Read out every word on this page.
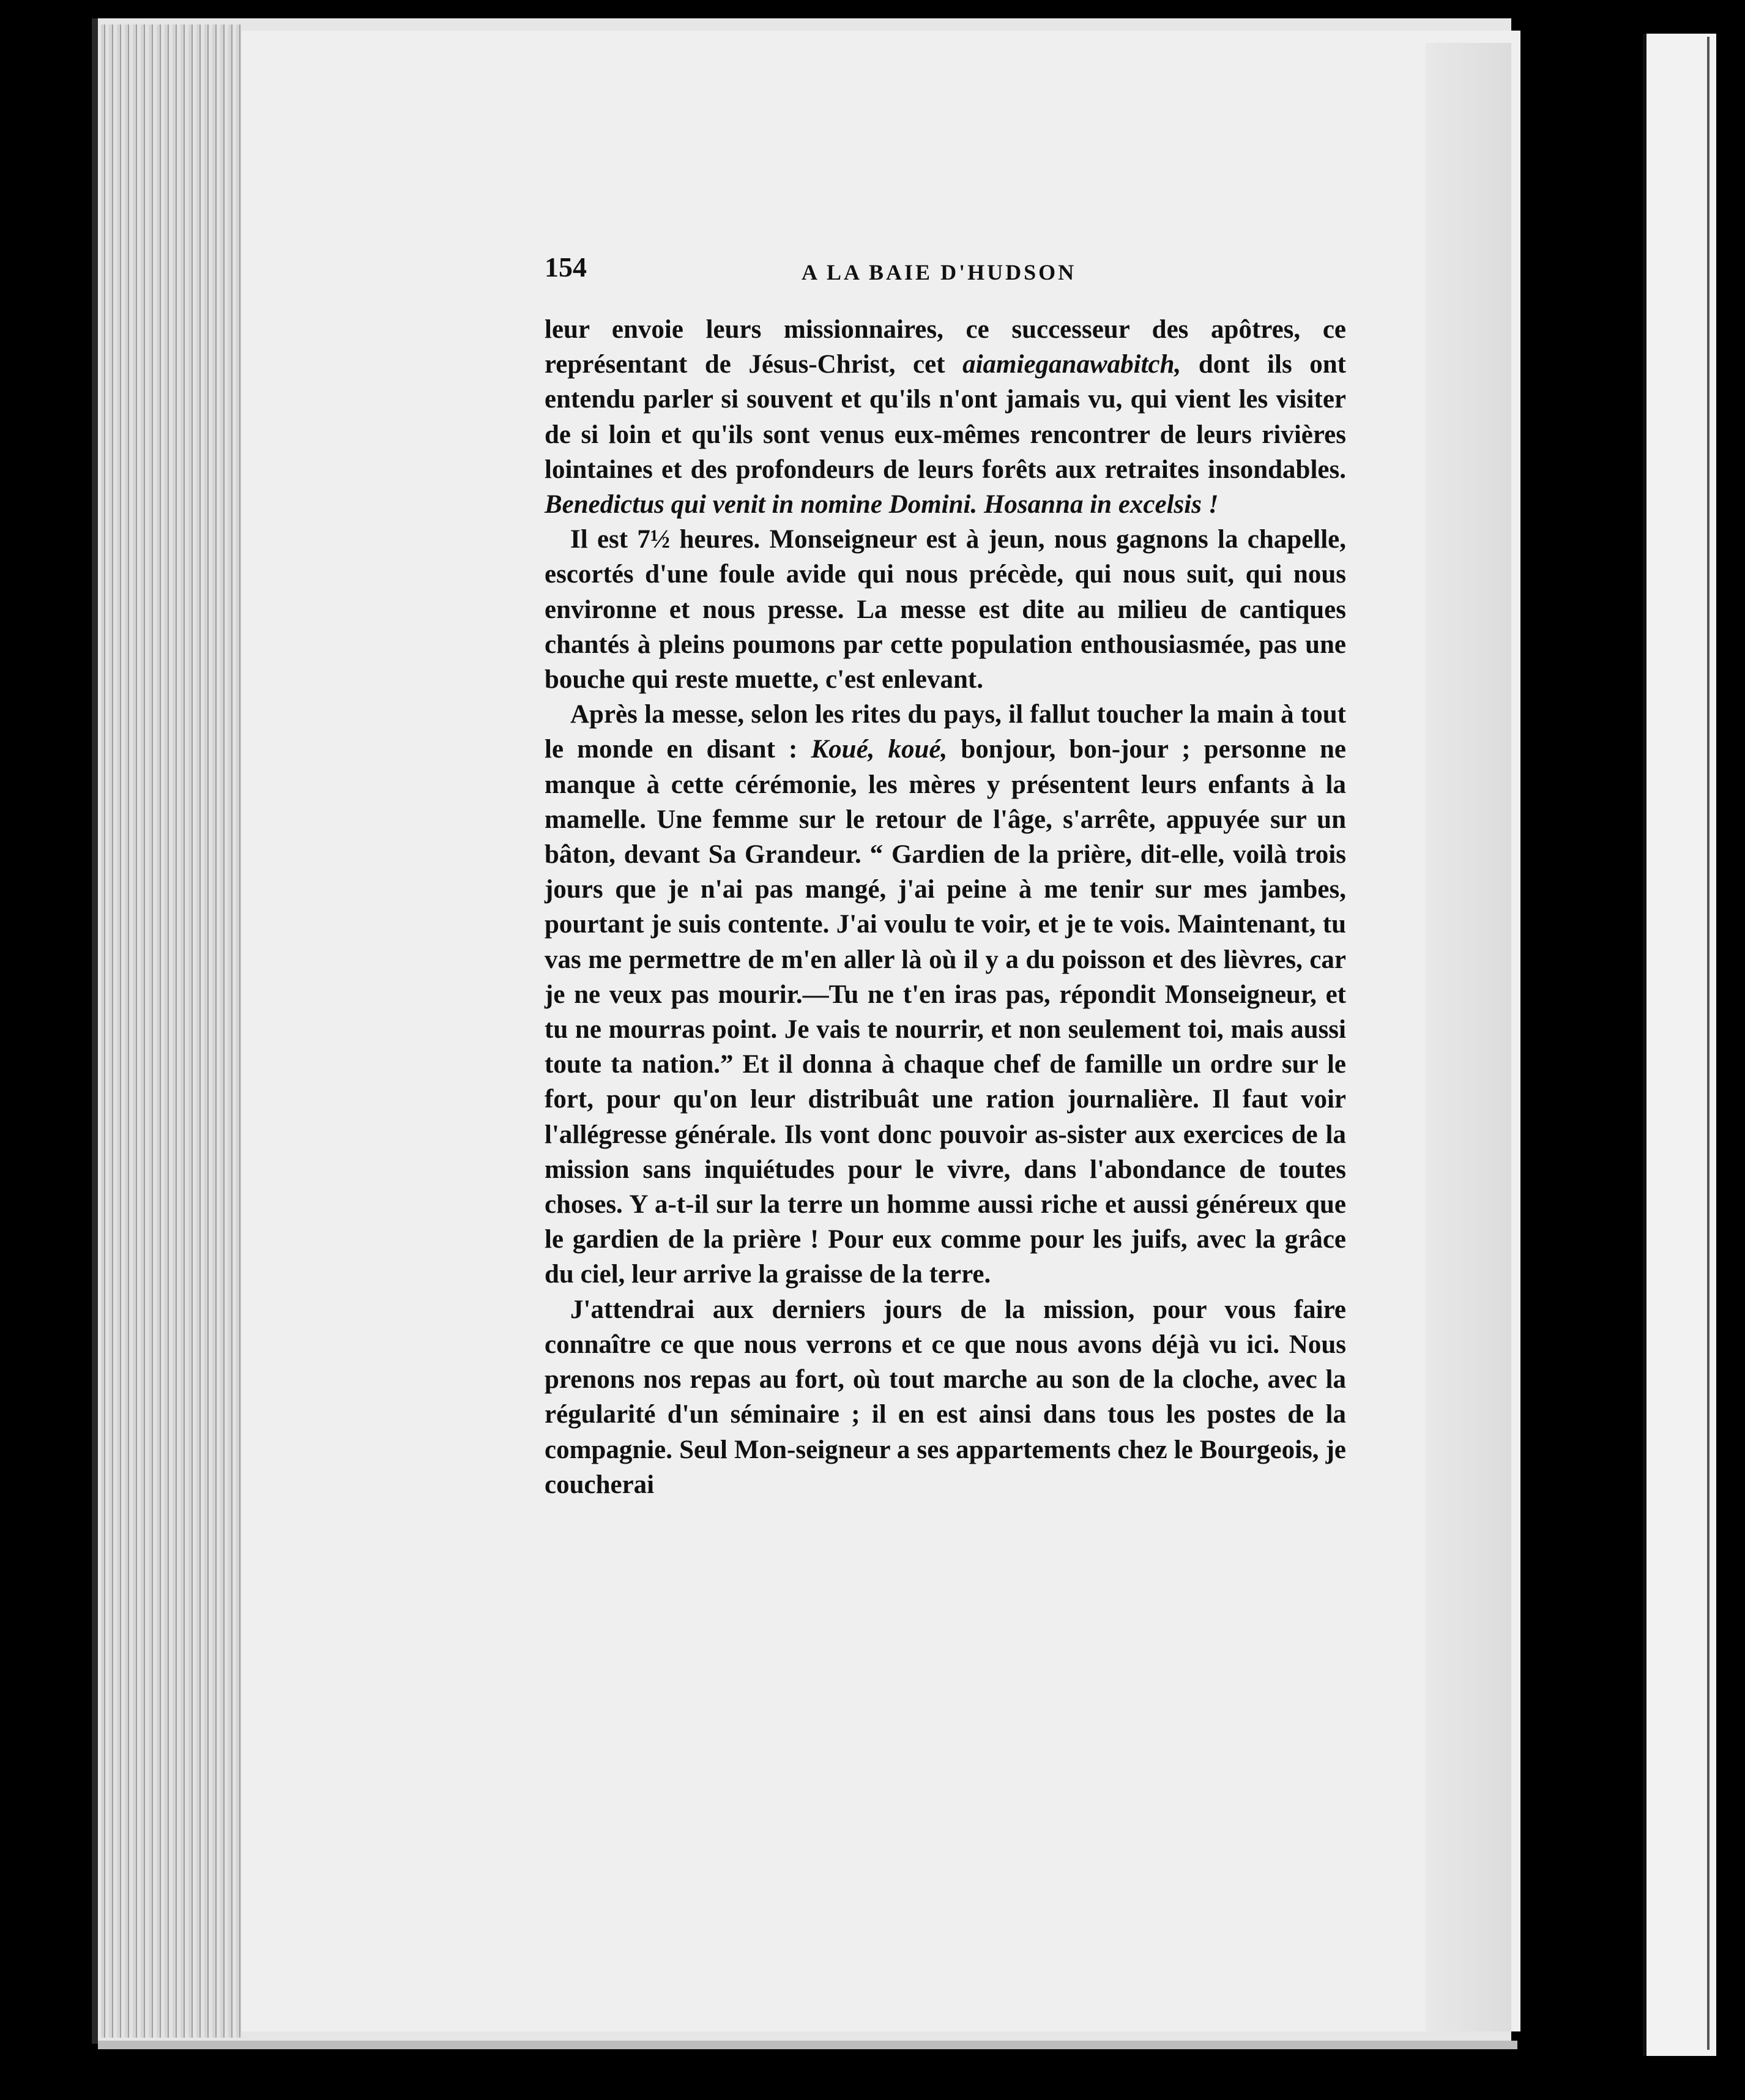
154	A LA BAIE D'HUDSON

leur envoie leurs missionnaires, ce successeur des apôtres, ce représentant de Jésus-Christ, cet aiamieganawabitch, dont ils ont entendu parler si souvent et qu'ils n'ont jamais vu, qui vient les visiter de si loin et qu'ils sont venus eux-mêmes rencontrer de leurs rivières lointaines et des profondeurs de leurs forêts aux retraites insondables. Benedictus qui venit in nomine Domini. Hosanna in excelsis !

Il est 7½ heures. Monseigneur est à jeun, nous gagnons la chapelle, escortés d'une foule avide qui nous précède, qui nous suit, qui nous environne et nous presse. La messe est dite au milieu de cantiques chantés à pleins poumons par cette population enthousiasmée, pas une bouche qui reste muette, c'est enlevant.

Après la messe, selon les rites du pays, il fallut toucher la main à tout le monde en disant : Koué, koué, bonjour, bon-jour ; personne ne manque à cette cérémonie, les mères y présentent leurs enfants à la mamelle. Une femme sur le retour de l'âge, s'arrête, appuyée sur un bâton, devant Sa Grandeur. “ Gardien de la prière, dit-elle, voilà trois jours que je n'ai pas mangé, j'ai peine à me tenir sur mes jambes, pourtant je suis contente. J'ai voulu te voir, et je te vois. Maintenant, tu vas me permettre de m'en aller là où il y a du poisson et des lièvres, car je ne veux pas mourir.—Tu ne t'en iras pas, répondit Monseigneur, et tu ne mourras point. Je vais te nourrir, et non seulement toi, mais aussi toute ta nation.” Et il donna à chaque chef de famille un ordre sur le fort, pour qu'on leur distribuât une ration journalière. Il faut voir l'allégresse générale. Ils vont donc pouvoir as-sister aux exercices de la mission sans inquiétudes pour le vivre, dans l'abondance de toutes choses. Y a-t-il sur la terre un homme aussi riche et aussi généreux que le gardien de la prière ! Pour eux comme pour les juifs, avec la grâce du ciel, leur arrive la graisse de la terre.

J'attendrai aux derniers jours de la mission, pour vous faire connaître ce que nous verrons et ce que nous avons déjà vu ici. Nous prenons nos repas au fort, où tout marche au son de la cloche, avec la régularité d'un séminaire ; il en est ainsi dans tous les postes de la compagnie. Seul Mon-seigneur a ses appartements chez le Bourgeois, je coucherai
